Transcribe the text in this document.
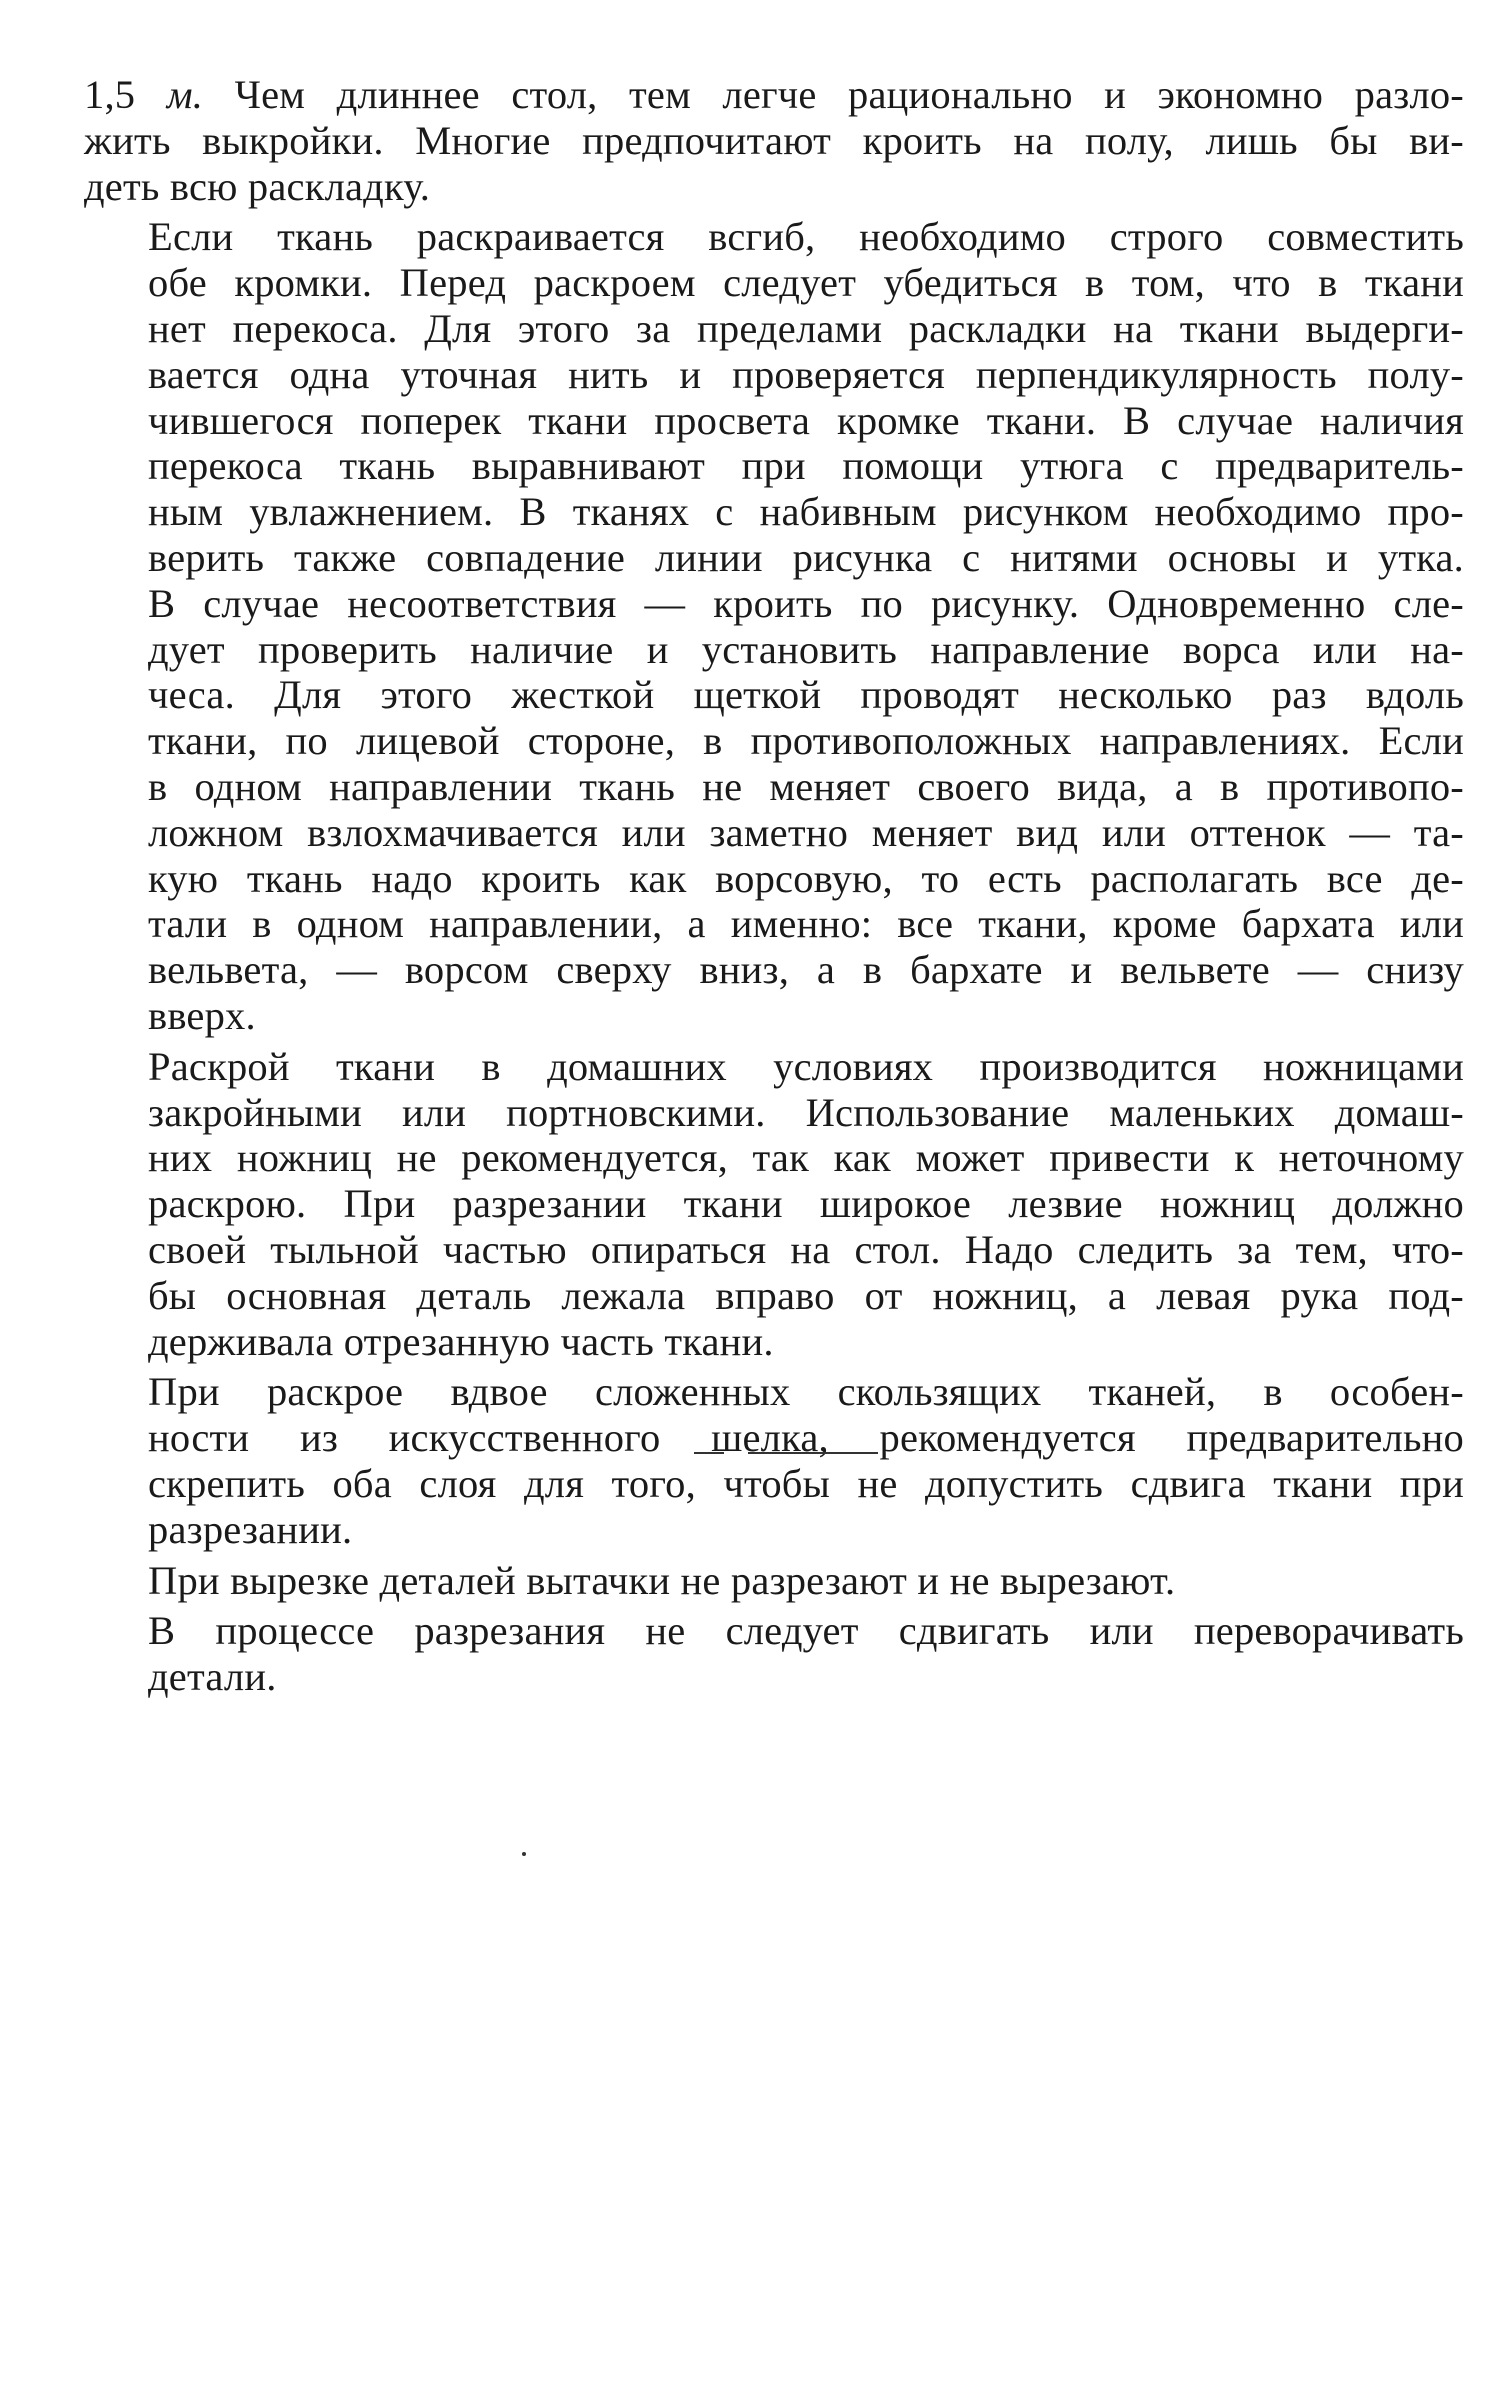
1,5 м. Чем длиннее стол, тем легче рационально и экономно разло-
жить выкройки. Многие предпочитают кроить на полу, лишь бы ви-
деть всю раскладку.
Если ткань раскраивается всгиб, необходимо строго совместить
обе кромки. Перед раскроем следует убедиться в том, что в ткани
нет перекоса. Для этого за пределами раскладки на ткани выдерги-
вается одна уточная нить и проверяется перпендикулярность полу-
чившегося поперек ткани просвета кромке ткани. В случае наличия
перекоса ткань выравнивают при помощи утюга с предваритель-
ным увлажнением. В тканях с набивным рисунком необходимо про-
верить также совпадение линии рисунка с нитями основы и утка.
В случае несоответствия — кроить по рисунку. Одновременно сле-
дует проверить наличие и установить направление ворса или на-
чеса. Для этого жесткой щеткой проводят несколько раз вдоль
ткани, по лицевой стороне, в противоположных направлениях. Если
в одном направлении ткань не меняет своего вида, а в противопо-
ложном взлохмачивается или заметно меняет вид или оттенок — та-
кую ткань надо кроить как ворсовую, то есть располагать все де-
тали в одном направлении, а именно: все ткани, кроме бархата или
вельвета, — ворсом сверху вниз, а в бархате и вельвете — снизу
вверх.
Раскрой ткани в домашних условиях производится ножницами
закройными или портновскими. Использование маленьких домаш-
них ножниц не рекомендуется, так как может привести к неточному
раскрою. При разрезании ткани широкое лезвие ножниц должно
своей тыльной частью опираться на стол. Надо следить за тем, что-
бы основная деталь лежала вправо от ножниц, а левая рука под-
держивала отрезанную часть ткани.
При раскрое вдвое сложенных скользящих тканей, в особен-
ности из искусственного шелка, рекомендуется предварительно
скрепить оба слоя для того, чтобы не допустить сдвига ткани при
разрезании.
При вырезке деталей вытачки не разрезают и не вырезают.
В процессе разрезания не следует сдвигать или переворачивать
детали.
